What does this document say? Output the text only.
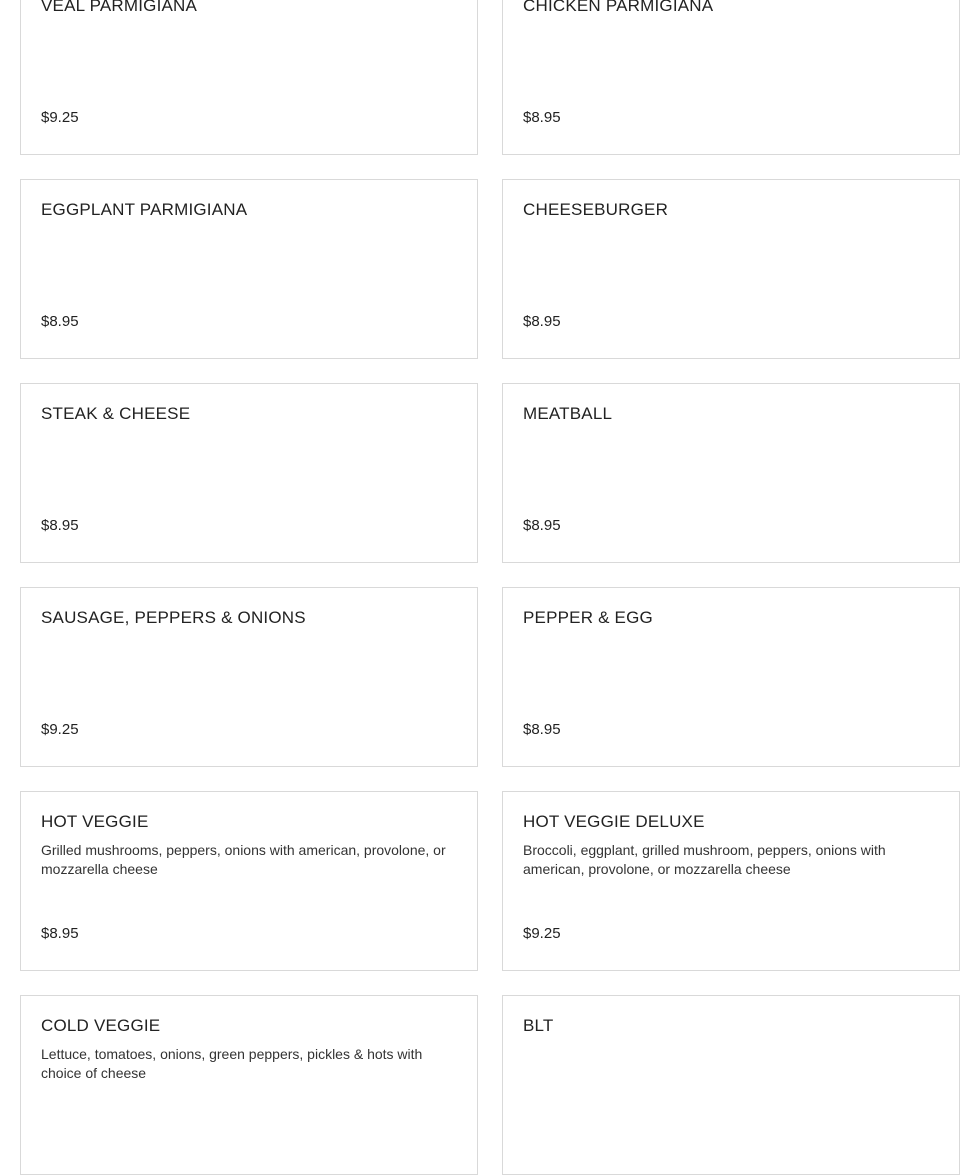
VEAL PARMIGIANA
$9.25
CHICKEN PARMIGIANA
$8.95
EGGPLANT PARMIGIANA
$8.95
CHEESEBURGER
$8.95
STEAK & CHEESE
$8.95
MEATBALL
$8.95
SAUSAGE, PEPPERS & ONIONS
$9.25
PEPPER & EGG
$8.95
HOT VEGGIE
Grilled mushrooms, peppers, onions with american, provolone, or mozzarella cheese
$8.95
HOT VEGGIE DELUXE
Broccoli, eggplant, grilled mushroom, peppers, onions with american, provolone, or mozzarella cheese
$9.25
COLD VEGGIE
Lettuce, tomatoes, onions, green peppers, pickles & hots with choice of cheese
BLT
